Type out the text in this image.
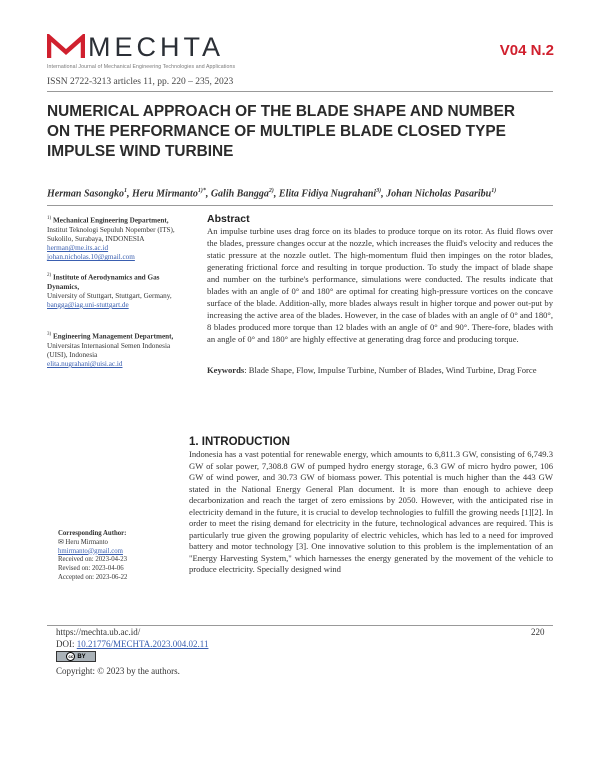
MECHTA
International Journal of Mechanical Engineering Technologies and Applications
V04 N.2
ISSN 2722-3213 articles 11, pp. 220 – 235, 2023
NUMERICAL APPROACH OF THE BLADE SHAPE AND NUMBER ON THE PERFORMANCE OF MULTIPLE BLADE CLOSED TYPE IMPULSE WIND TURBINE
Herman Sasongko$^1$, Heru Mirmanto$^{1)*}$, Galih Bangga$^{2)}$, Elita Fidiya Nugrahani$^{3)}$, Johan Nicholas Pasaribu$^{1)}$
$^{1)}$ Mechanical Engineering Department,
Institut Teknologi Sepuluh Nopember (ITS), Sukolilo, Surabaya, INDONESIA
herman@me.its.ac.id
johan.nicholas.10@gmail.com
$^{2)}$ Institute of Aerodynamics and Gas Dynamics,
University of Stuttgart, Stuttgart, Germany,
bangga@iag.uni-stuttgart.de
$^{3)}$ Engineering Management Department,
Universitas Internasional Semen Indonesia (UISI), Indonesia
elita.nugrahani@uisi.ac.id
Abstract
An impulse turbine uses drag force on its blades to produce torque on its rotor. As fluid flows over the blades, pressure changes occur at the nozzle, which increases the fluid's velocity and reduces the static pressure at the nozzle outlet. The high-momentum fluid then impinges on the rotor blades, generating frictional force and resulting in torque production. To study the impact of blade shape and number on the turbine's performance, simulations were conducted. The results indicate that blades with an angle of 0° and 180° are optimal for creating high-pressure vortices on the concave surface of the blade. Addition-ally, more blades always result in higher torque and power out-put by increasing the active area of the blades. However, in the case of blades with an angle of 0° and 180°, 8 blades produced more torque than 12 blades with an angle of 0° and 90°. There-fore, blades with an angle of 0° and 180° are highly effective at generating drag force and producing torque.
Keywords: Blade Shape, Flow, Impulse Turbine, Number of Blades, Wind Turbine, Drag Force
1. INTRODUCTION
Indonesia has a vast potential for renewable energy, which amounts to 6,811.3 GW, consisting of 6,749.3 GW of solar power, 7,308.8 GW of pumped hydro energy storage, 6.3 GW of micro hydro power, 106 GW of wind power, and 30.73 GW of biomass power. This potential is much higher than the 443 GW stated in the National Energy General Plan document. It is more than enough to achieve deep decarbonization and reach the target of zero emissions by 2050. However, with the anticipated rise in electricity demand in the future, it is crucial to develop technologies to fulfill the growing needs [1][2]. In order to meet the rising demand for electricity in the future, technological advances are required. This is particularly true given the growing popularity of electric vehicles, which has led to a need for improved battery and motor technology [3]. One innovative solution to this problem is the implementation of an "Energy Harvesting System," which harnesses the energy generated by the movement of the vehicle to produce electricity. Specially designed wind
Corresponding Author:
✉ Heru Mirmanto
hmirmanto@gmail.com
Received on: 2023-04-23
Revised on: 2023-04-06
Accepted on: 2023-06-22
https://mechta.ub.ac.id/	220
DOI: 10.21776/MECHTA.2023.004.02.11
cc BY
Copyright: © 2023 by the authors.
